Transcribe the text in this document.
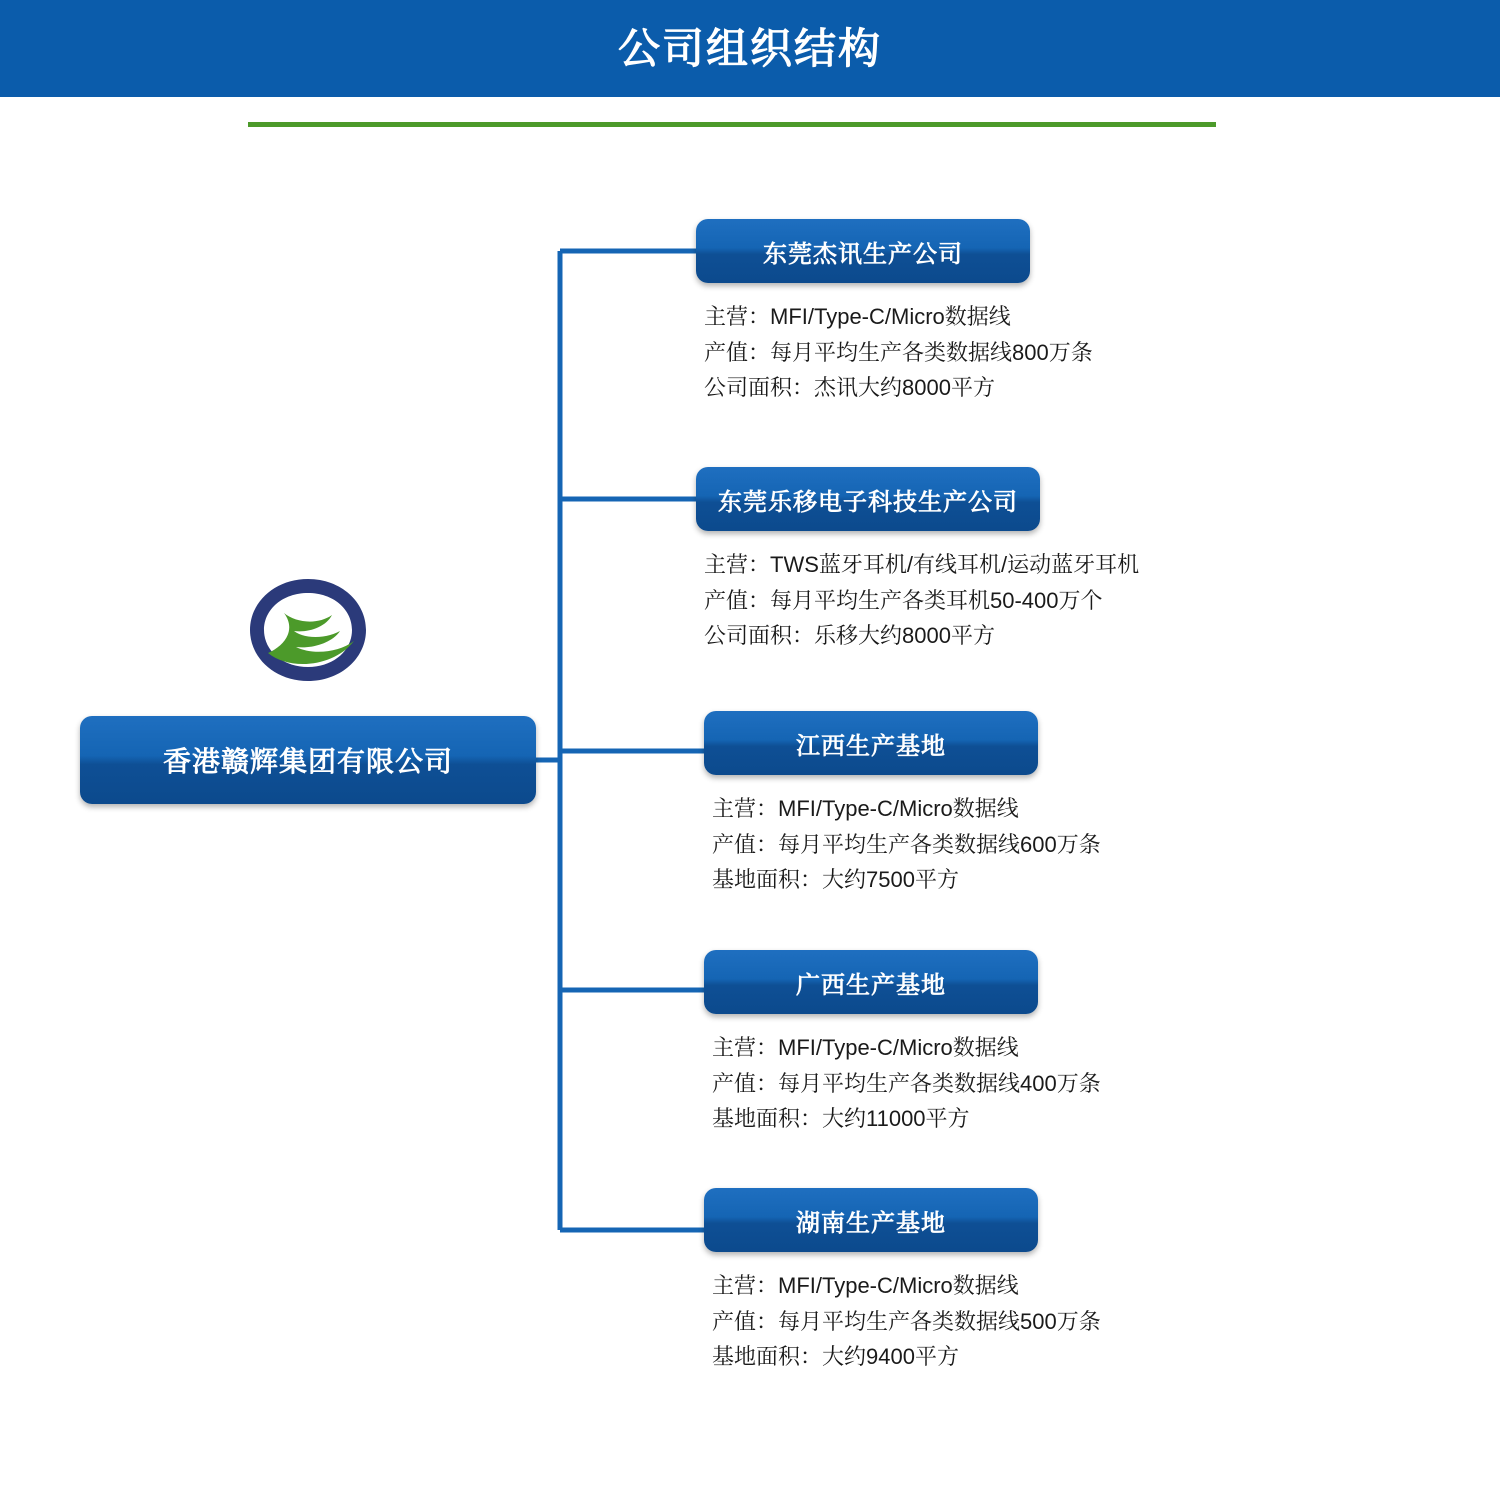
公司组织结构
香港赣辉集团有限公司
东莞杰讯生产公司
主营：MFI/Type-C/Micro数据线
产值：每月平均生产各类数据线800万条
公司面积：杰讯大约8000平方
东莞乐移电子科技生产公司
主营：TWS蓝牙耳机/有线耳机/运动蓝牙耳机
产值：每月平均生产各类耳机50-400万个
公司面积：乐移大约8000平方
江西生产基地
主营：MFI/Type-C/Micro数据线
产值：每月平均生产各类数据线600万条
基地面积：大约7500平方
广西生产基地
主营：MFI/Type-C/Micro数据线
产值：每月平均生产各类数据线400万条
基地面积：大约11000平方
湖南生产基地
主营：MFI/Type-C/Micro数据线
产值：每月平均生产各类数据线500万条
基地面积：大约9400平方
